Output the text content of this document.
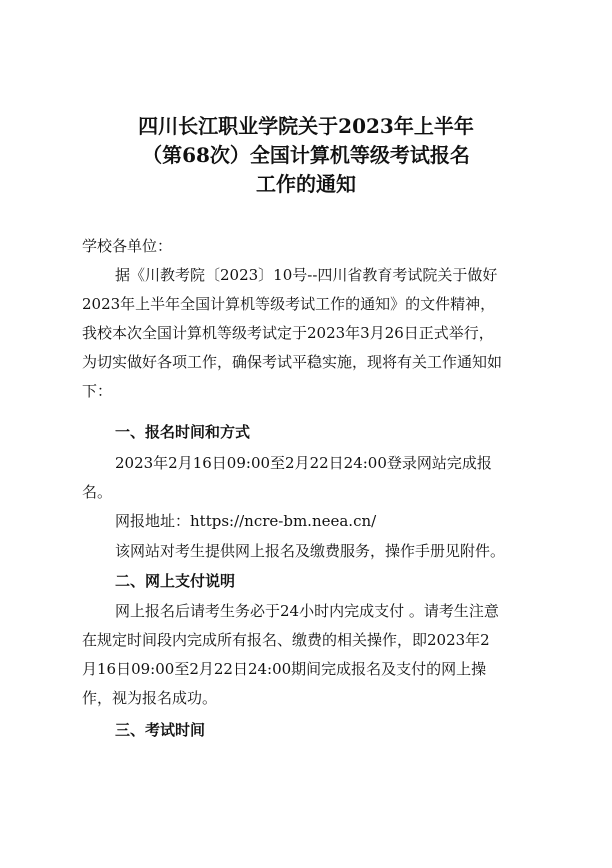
四川长江职业学院关于2023年上半年
（第68次）全国计算机等级考试报名
工作的通知
学校各单位：
据《川教考院〔2023〕10号--四川省教育考试院关于做好
2023年上半年全国计算机等级考试工作的通知》的文件精神，
我校本次全国计算机等级考试定于2023年3月26日正式举行，
为切实做好各项工作，确保考试平稳实施，现将有关工作通知如
下：
一、报名时间和方式
2023年2月16日09:00至2月22日24:00登录网站完成报
名。
网报地址：https://ncre-bm.neea.cn/
该网站对考生提供网上报名及缴费服务，操作手册见附件。
二、网上支付说明
网上报名后请考生务必于24小时内完成支付 。请考生注意
在规定时间段内完成所有报名、缴费的相关操作，即2023年2
月16日09:00至2月22日24:00期间完成报名及支付的网上操
作，视为报名成功。
三、考试时间
